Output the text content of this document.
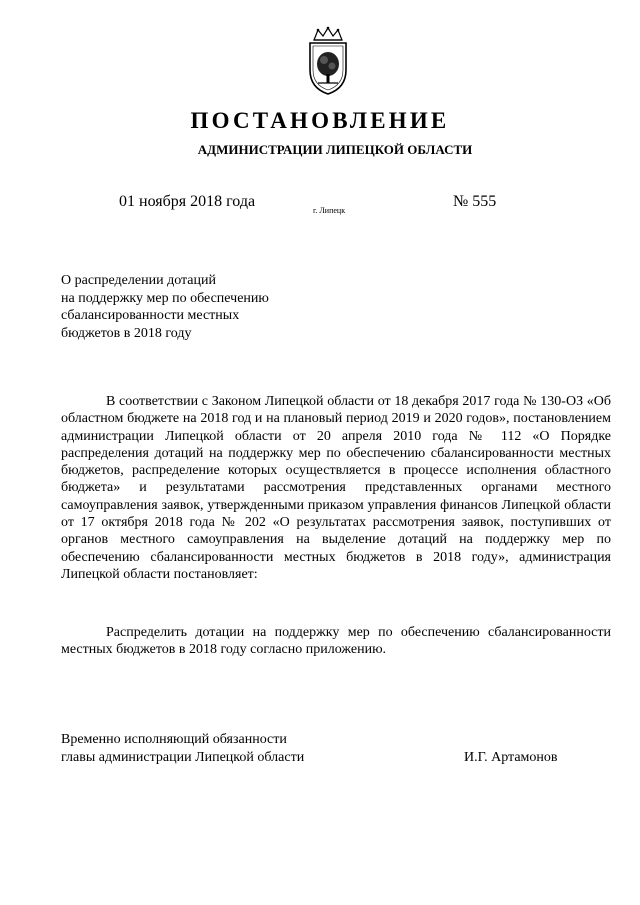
ПОСТАНОВЛЕНИЕ
АДМИНИСТРАЦИИ ЛИПЕЦКОЙ ОБЛАСТИ
01 ноября 2018 года
г. Липецк
№ 555
О распределении дотаций
на поддержку мер по обеспечению
сбалансированности местных
бюджетов в 2018 году

В соответствии с Законом Липецкой области от 18 декабря 2017 года № 130-ОЗ «Об областном бюджете на 2018 год и на плановый период 2019 и 2020 годов», постановлением администрации Липецкой области от 20 апреля 2010 года № 112 «О Порядке распределения дотаций на поддержку мер по обеспечению сбалансированности местных бюджетов, распределение которых осуществляется в процессе исполнения областного бюджета» и результатами рассмотрения представленных органами местного самоуправления заявок, утвержденными приказом управления финансов Липецкой области от 17 октября 2018 года № 202 «О результатах рассмотрения заявок, поступивших от органов местного самоуправления на выделение дотаций на поддержку мер по обеспечению сбалансированности местных бюджетов в 2018 году», администрация Липецкой области постановляет:

Распределить дотации на поддержку мер по обеспечению сбалансированности местных бюджетов в 2018 году согласно приложению.

Временно исполняющий обязанности
главы администрации Липецкой области	И.Г. Артамонов
